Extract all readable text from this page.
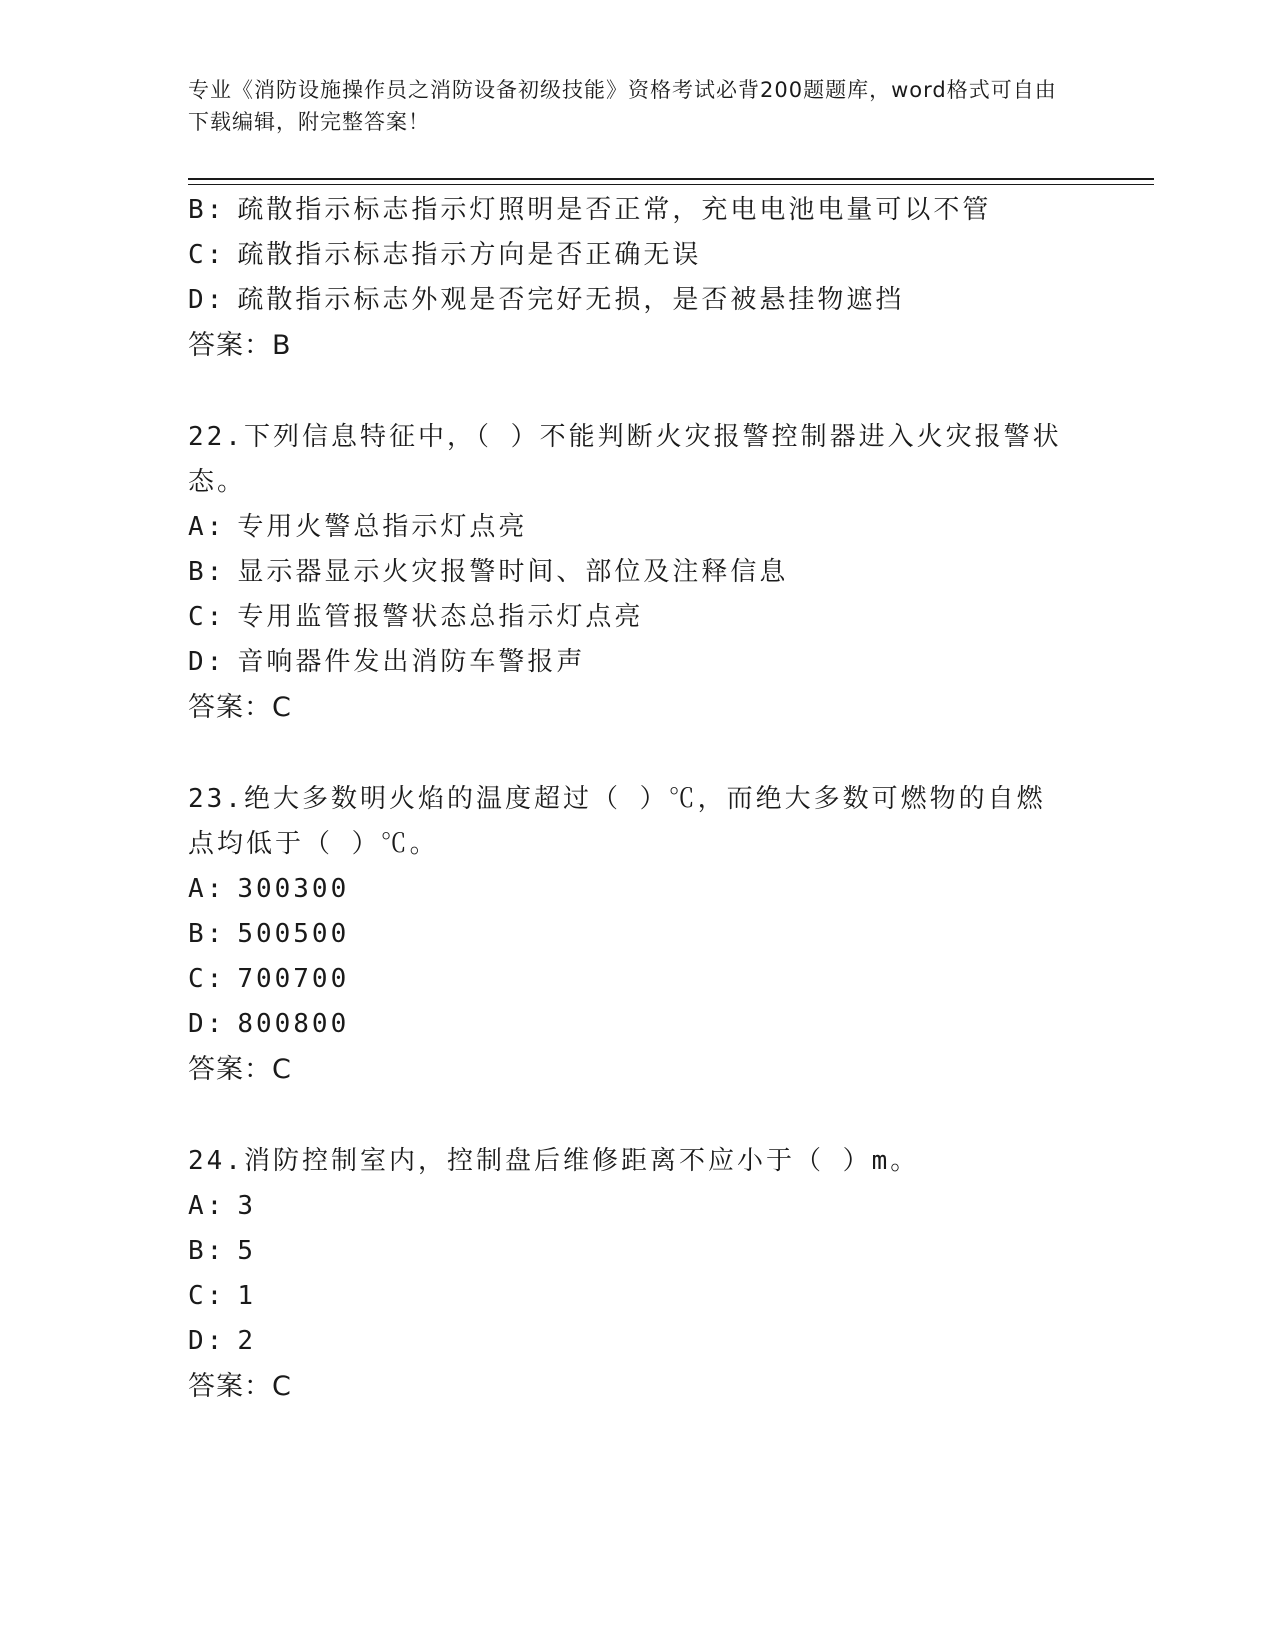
专业《消防设施操作员之消防设备初级技能》资格考试必背200题题库，word格式可自由下载编辑，附完整答案！
B: 疏散指示标志指示灯照明是否正常，充电电池电量可以不管
C: 疏散指示标志指示方向是否正确无误
D: 疏散指示标志外观是否完好无损，是否被悬挂物遮挡
答案：B
22.下列信息特征中，（ ）不能判断火灾报警控制器进入火灾报警状态。
A: 专用火警总指示灯点亮
B: 显示器显示火灾报警时间、部位及注释信息
C: 专用监管报警状态总指示灯点亮
D: 音响器件发出消防车警报声
答案：C
23.绝大多数明火焰的温度超过（ ）℃，而绝大多数可燃物的自燃点均低于（ ）℃。
A: 300300
B: 500500
C: 700700
D: 800800
答案：C
24.消防控制室内，控制盘后维修距离不应小于（ ）m。
A: 3
B: 5
C: 1
D: 2
答案：C
